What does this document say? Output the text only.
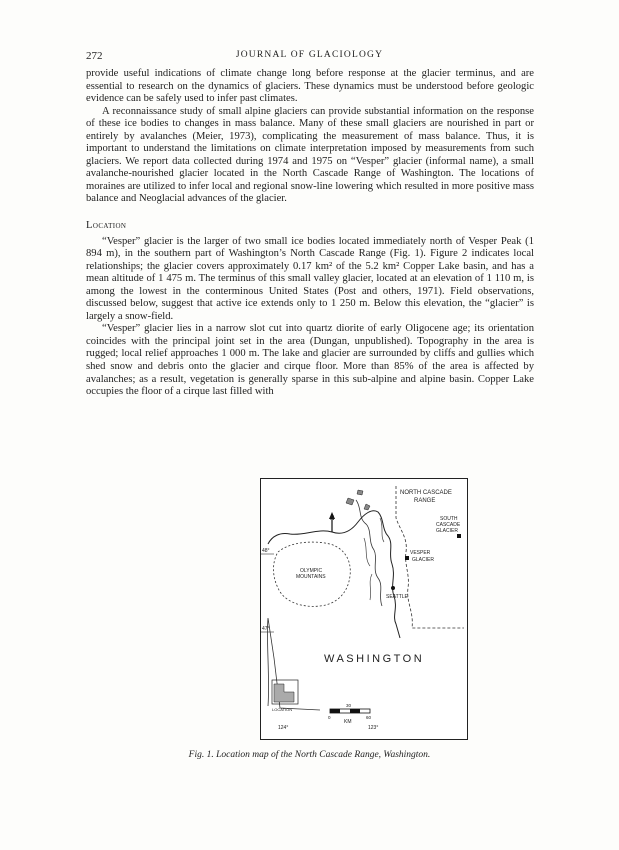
272	JOURNAL OF GLACIOLOGY

provide useful indications of climate change long before response at the glacier terminus, and are essential to research on the dynamics of glaciers. These dynamics must be understood before geologic evidence can be safely used to infer past climates.

A reconnaissance study of small alpine glaciers can provide substantial information on the response of these ice bodies to changes in mass balance. Many of these small glaciers are nourished in part or entirely by avalanches (Meier, 1973), complicating the measurement of mass balance. Thus, it is important to understand the limitations on climate interpretation imposed by measurements from such glaciers. We report data collected during 1974 and 1975 on “Vesper” glacier (informal name), a small avalanche-nourished glacier located in the North Cascade Range of Washington. The locations of moraines are utilized to infer local and regional snow-line lowering which resulted in more positive mass balance and Neoglacial advances of the glacier.

Location

“Vesper” glacier is the larger of two small ice bodies located immediately north of Vesper Peak (1 894 m), in the southern part of Washington’s North Cascade Range (Fig. 1). Figure 2 indicates local relationships; the glacier covers approximately 0.17 km² of the 5.2 km² Copper Lake basin, and has a mean altitude of 1 475 m. The terminus of this small valley glacier, located at an elevation of 1 110 m, is among the lowest in the conterminous United States (Post and others, 1971). Field observations, discussed below, suggest that active ice extends only to 1 250 m. Below this elevation, the “glacier” is largely a snow-field.

“Vesper” glacier lies in a narrow slot cut into quartz diorite of early Oligocene age; its orientation coincides with the principal joint set in the area (Dungan, unpublished). Topography in the area is rugged; local relief approaches 1 000 m. The lake and glacier are surrounded by cliffs and gullies which shed snow and debris onto the glacier and cirque floor. More than 85% of the area is affected by avalanches; as a result, vegetation is generally sparse in this sub-alpine and alpine basin. Copper Lake occupies the floor of a cirque last filled with

NORTH CASCADE
RANGE
SOUTH
CASCADE
GLACIER
VESPER
GLACIER
OLYMPIC
MOUNTAINS
SEATTLE
WASHINGTON
N
48°
47°
124°	123°
LOCATION
30
0	60
KM
Fig. 1. Location map of the North Cascade Range, Washington.
